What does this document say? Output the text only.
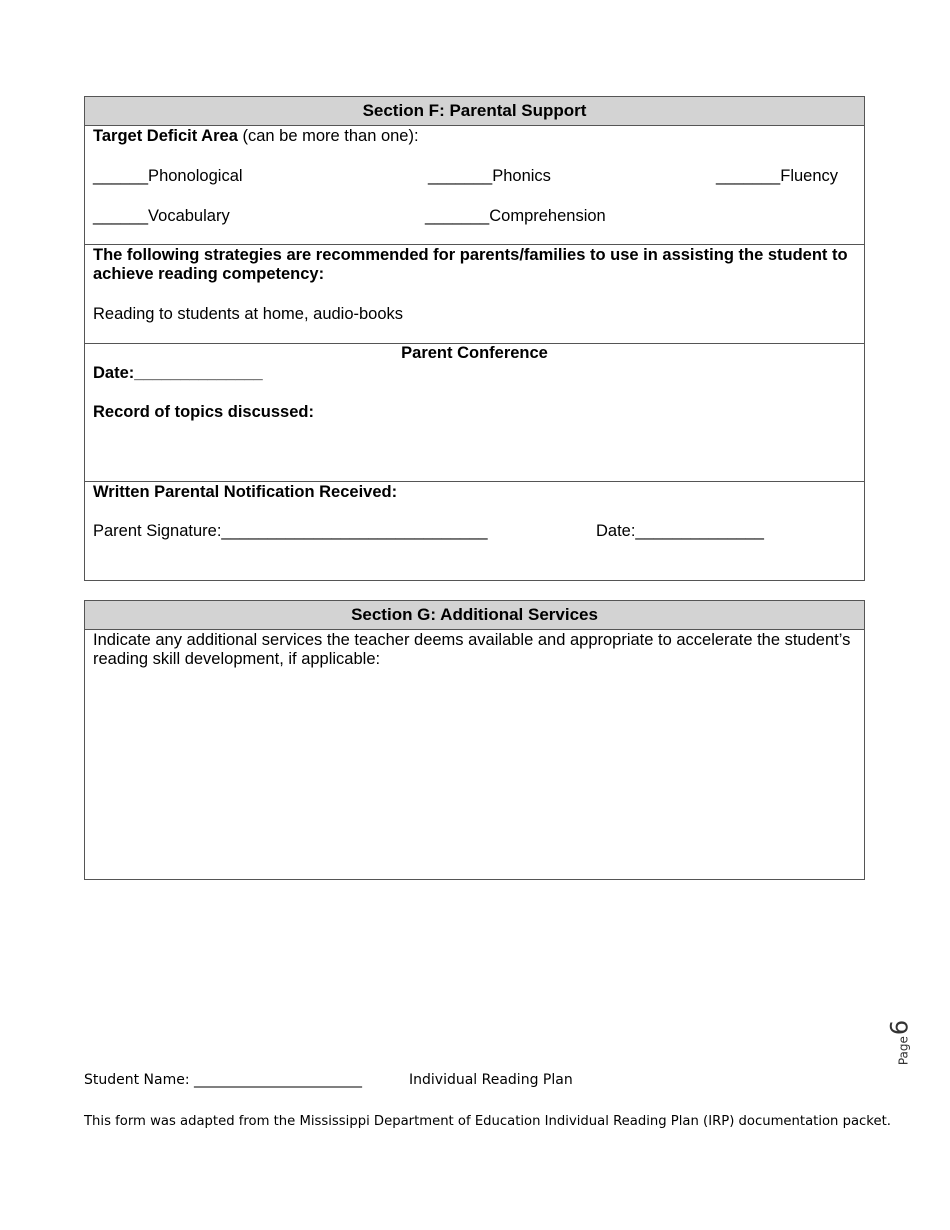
Section F: Parental Support
Target Deficit Area (can be more than one):
______Phonological	_______Phonics	_______Fluency
______Vocabulary	_______Comprehension
The following strategies are recommended for parents/families to use in assisting the student to achieve reading competency:
Reading to students at home, audio-books
Parent Conference
Date:______________
Record of topics discussed:
Written Parental Notification Received:
Parent Signature:_____________________________	Date:______________
Section G: Additional Services
Indicate any additional services the teacher deems available and appropriate to accelerate the student’s reading skill development, if applicable:
Page
6
Student Name: ________________________	Individual Reading Plan
This form was adapted from the Mississippi Department of Education Individual Reading Plan (IRP) documentation packet.
